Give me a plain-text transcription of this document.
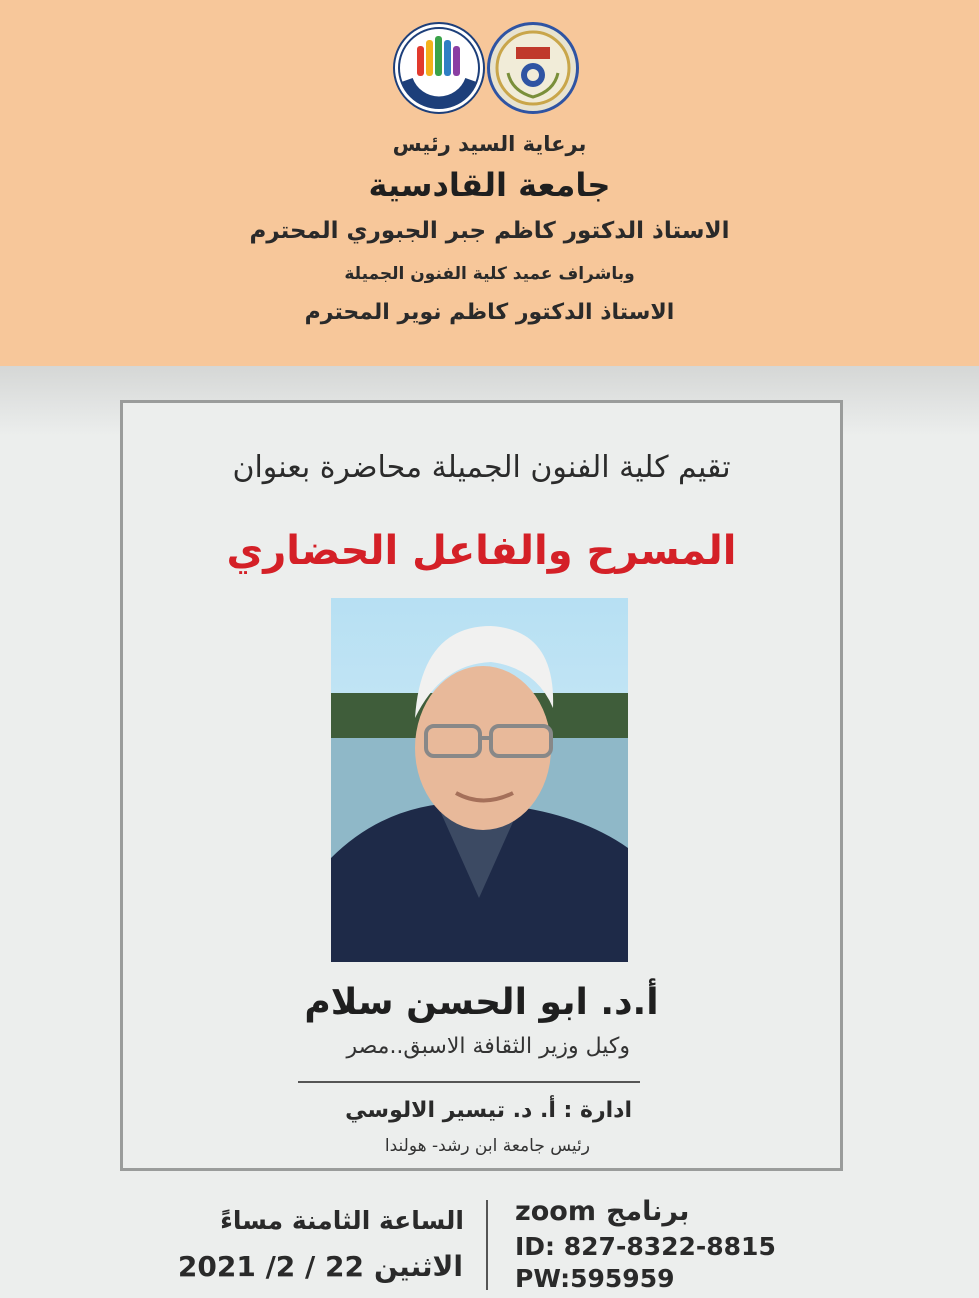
برعاية السيد رئيس
جامعة القادسية
الاستاذ الدكتور كاظم جبر الجبوري المحترم
وباشراف عميد كلية الفنون الجميلة
الاستاذ الدكتور كاظم نوير المحترم
تقيم كلية الفنون الجميلة محاضرة بعنوان
المسرح والفاعل الحضاري
أ.د. ابو الحسن سلام
وكيل وزير الثقافة الاسبق..مصر
ادارة : أ. د. تيسير الالوسي
رئيس جامعة ابن رشد- هولندا
الساعة الثامنة مساءً
الاثنين
2021 /2 / 22
zoom برنامج
ID: 827-8322-8815
PW:595959
